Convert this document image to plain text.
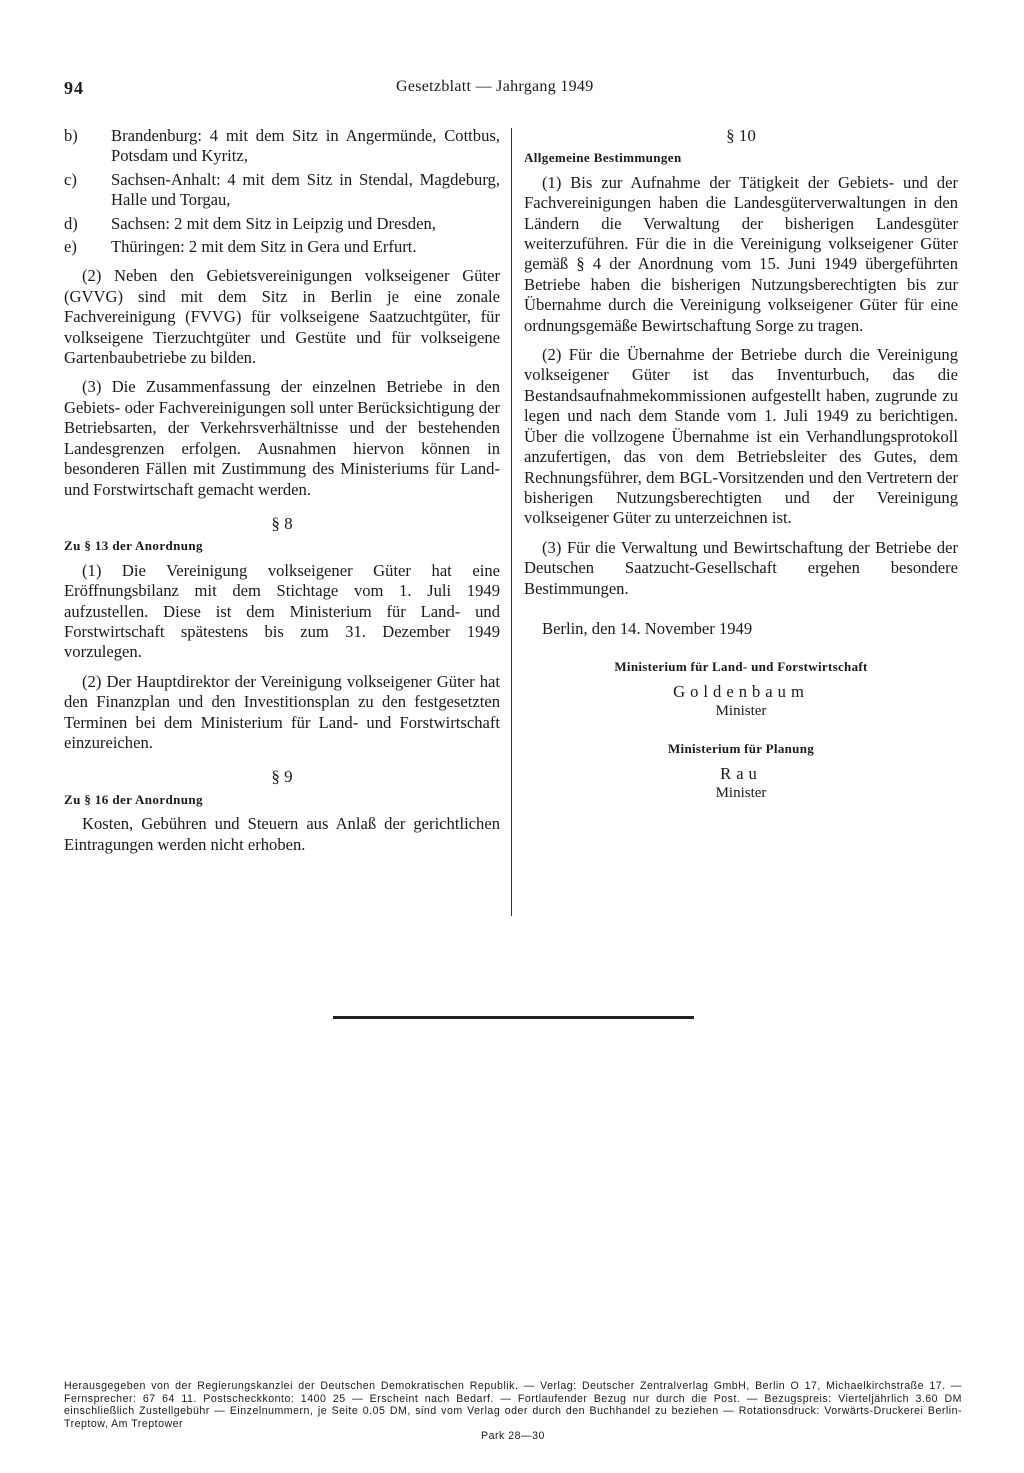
94	Gesetzblatt — Jahrgang 1949
b)	Brandenburg: 4 mit dem Sitz in Angermünde, Cottbus, Potsdam und Kyritz,
c)	Sachsen-Anhalt: 4 mit dem Sitz in Stendal, Magdeburg, Halle und Torgau,
d)	Sachsen: 2 mit dem Sitz in Leipzig und Dresden,
e)	Thüringen: 2 mit dem Sitz in Gera und Erfurt.

(2) Neben den Gebietsvereinigungen volkseigener Güter (GVVG) sind mit dem Sitz in Berlin je eine zonale Fachvereinigung (FVVG) für volkseigene Saatzuchtgüter, für volkseigene Tierzuchtgüter und Gestüte und für volkseigene Gartenbaubetriebe zu bilden.

(3) Die Zusammenfassung der einzelnen Betriebe in den Gebiets- oder Fachvereinigungen soll unter Berücksichtigung der Betriebsarten, der Verkehrsverhältnisse und der bestehenden Landesgrenzen erfolgen. Ausnahmen hiervon können in besonderen Fällen mit Zustimmung des Ministeriums für Land- und Forstwirtschaft gemacht werden.

§ 8
Zu § 13 der Anordnung

(1) Die Vereinigung volkseigener Güter hat eine Eröffnungsbilanz mit dem Stichtage vom 1. Juli 1949 aufzustellen. Diese ist dem Ministerium für Land- und Forstwirtschaft spätestens bis zum 31. Dezember 1949 vorzulegen.

(2) Der Hauptdirektor der Vereinigung volkseigener Güter hat den Finanzplan und den Investitionsplan zu den festgesetzten Terminen bei dem Ministerium für Land- und Forstwirtschaft einzureichen.

§ 9
Zu § 16 der Anordnung

Kosten, Gebühren und Steuern aus Anlaß der gerichtlichen Eintragungen werden nicht erhoben.

§ 10
Allgemeine Bestimmungen

(1) Bis zur Aufnahme der Tätigkeit der Gebiets- und der Fachvereinigungen haben die Landesgüterverwaltungen in den Ländern die Verwaltung der bisherigen Landesgüter weiterzuführen. Für die in die Vereinigung volkseigener Güter gemäß § 4 der Anordnung vom 15. Juni 1949 übergeführten Betriebe haben die bisherigen Nutzungsberechtigten bis zur Übernahme durch die Vereinigung volkseigener Güter für eine ordnungsgemäße Bewirtschaftung Sorge zu tragen.

(2) Für die Übernahme der Betriebe durch die Vereinigung volkseigener Güter ist das Inventurbuch, das die Bestandsaufnahmekommissionen aufgestellt haben, zugrunde zu legen und nach dem Stande vom 1. Juli 1949 zu berichtigen. Über die vollzogene Übernahme ist ein Verhandlungsprotokoll anzufertigen, das von dem Betriebsleiter des Gutes, dem Rechnungsführer, dem BGL-Vorsitzenden und den Vertretern der bisherigen Nutzungsberechtigten und der Vereinigung volkseigener Güter zu unterzeichnen ist.

(3) Für die Verwaltung und Bewirtschaftung der Betriebe der Deutschen Saatzucht-Gesellschaft ergehen besondere Bestimmungen.

Berlin, den 14. November 1949
Ministerium für Land- und Forstwirtschaft
Goldenbaum
Minister
Ministerium für Planung
Rau
Minister
Herausgegeben von der Regierungskanzlei der Deutschen Demokratischen Republik. — Verlag: Deutscher Zentralverlag GmbH, Berlin O 17, Michaelkirchstraße 17. — Fernsprecher: 67 64 11. Postscheckkonto: 1400 25 — Erscheint nach Bedarf. — Fortlaufender Bezug nur durch die Post. — Bezugspreis: Vierteljährlich 3.60 DM einschließlich Zustellgebühr — Einzelnummern, je Seite 0.05 DM, sind vom Verlag oder durch den Buchhandel zu beziehen — Rotationsdruck: Vorwärts-Druckerei Berlin-Treptow, Am Treptower
Park 28—30
